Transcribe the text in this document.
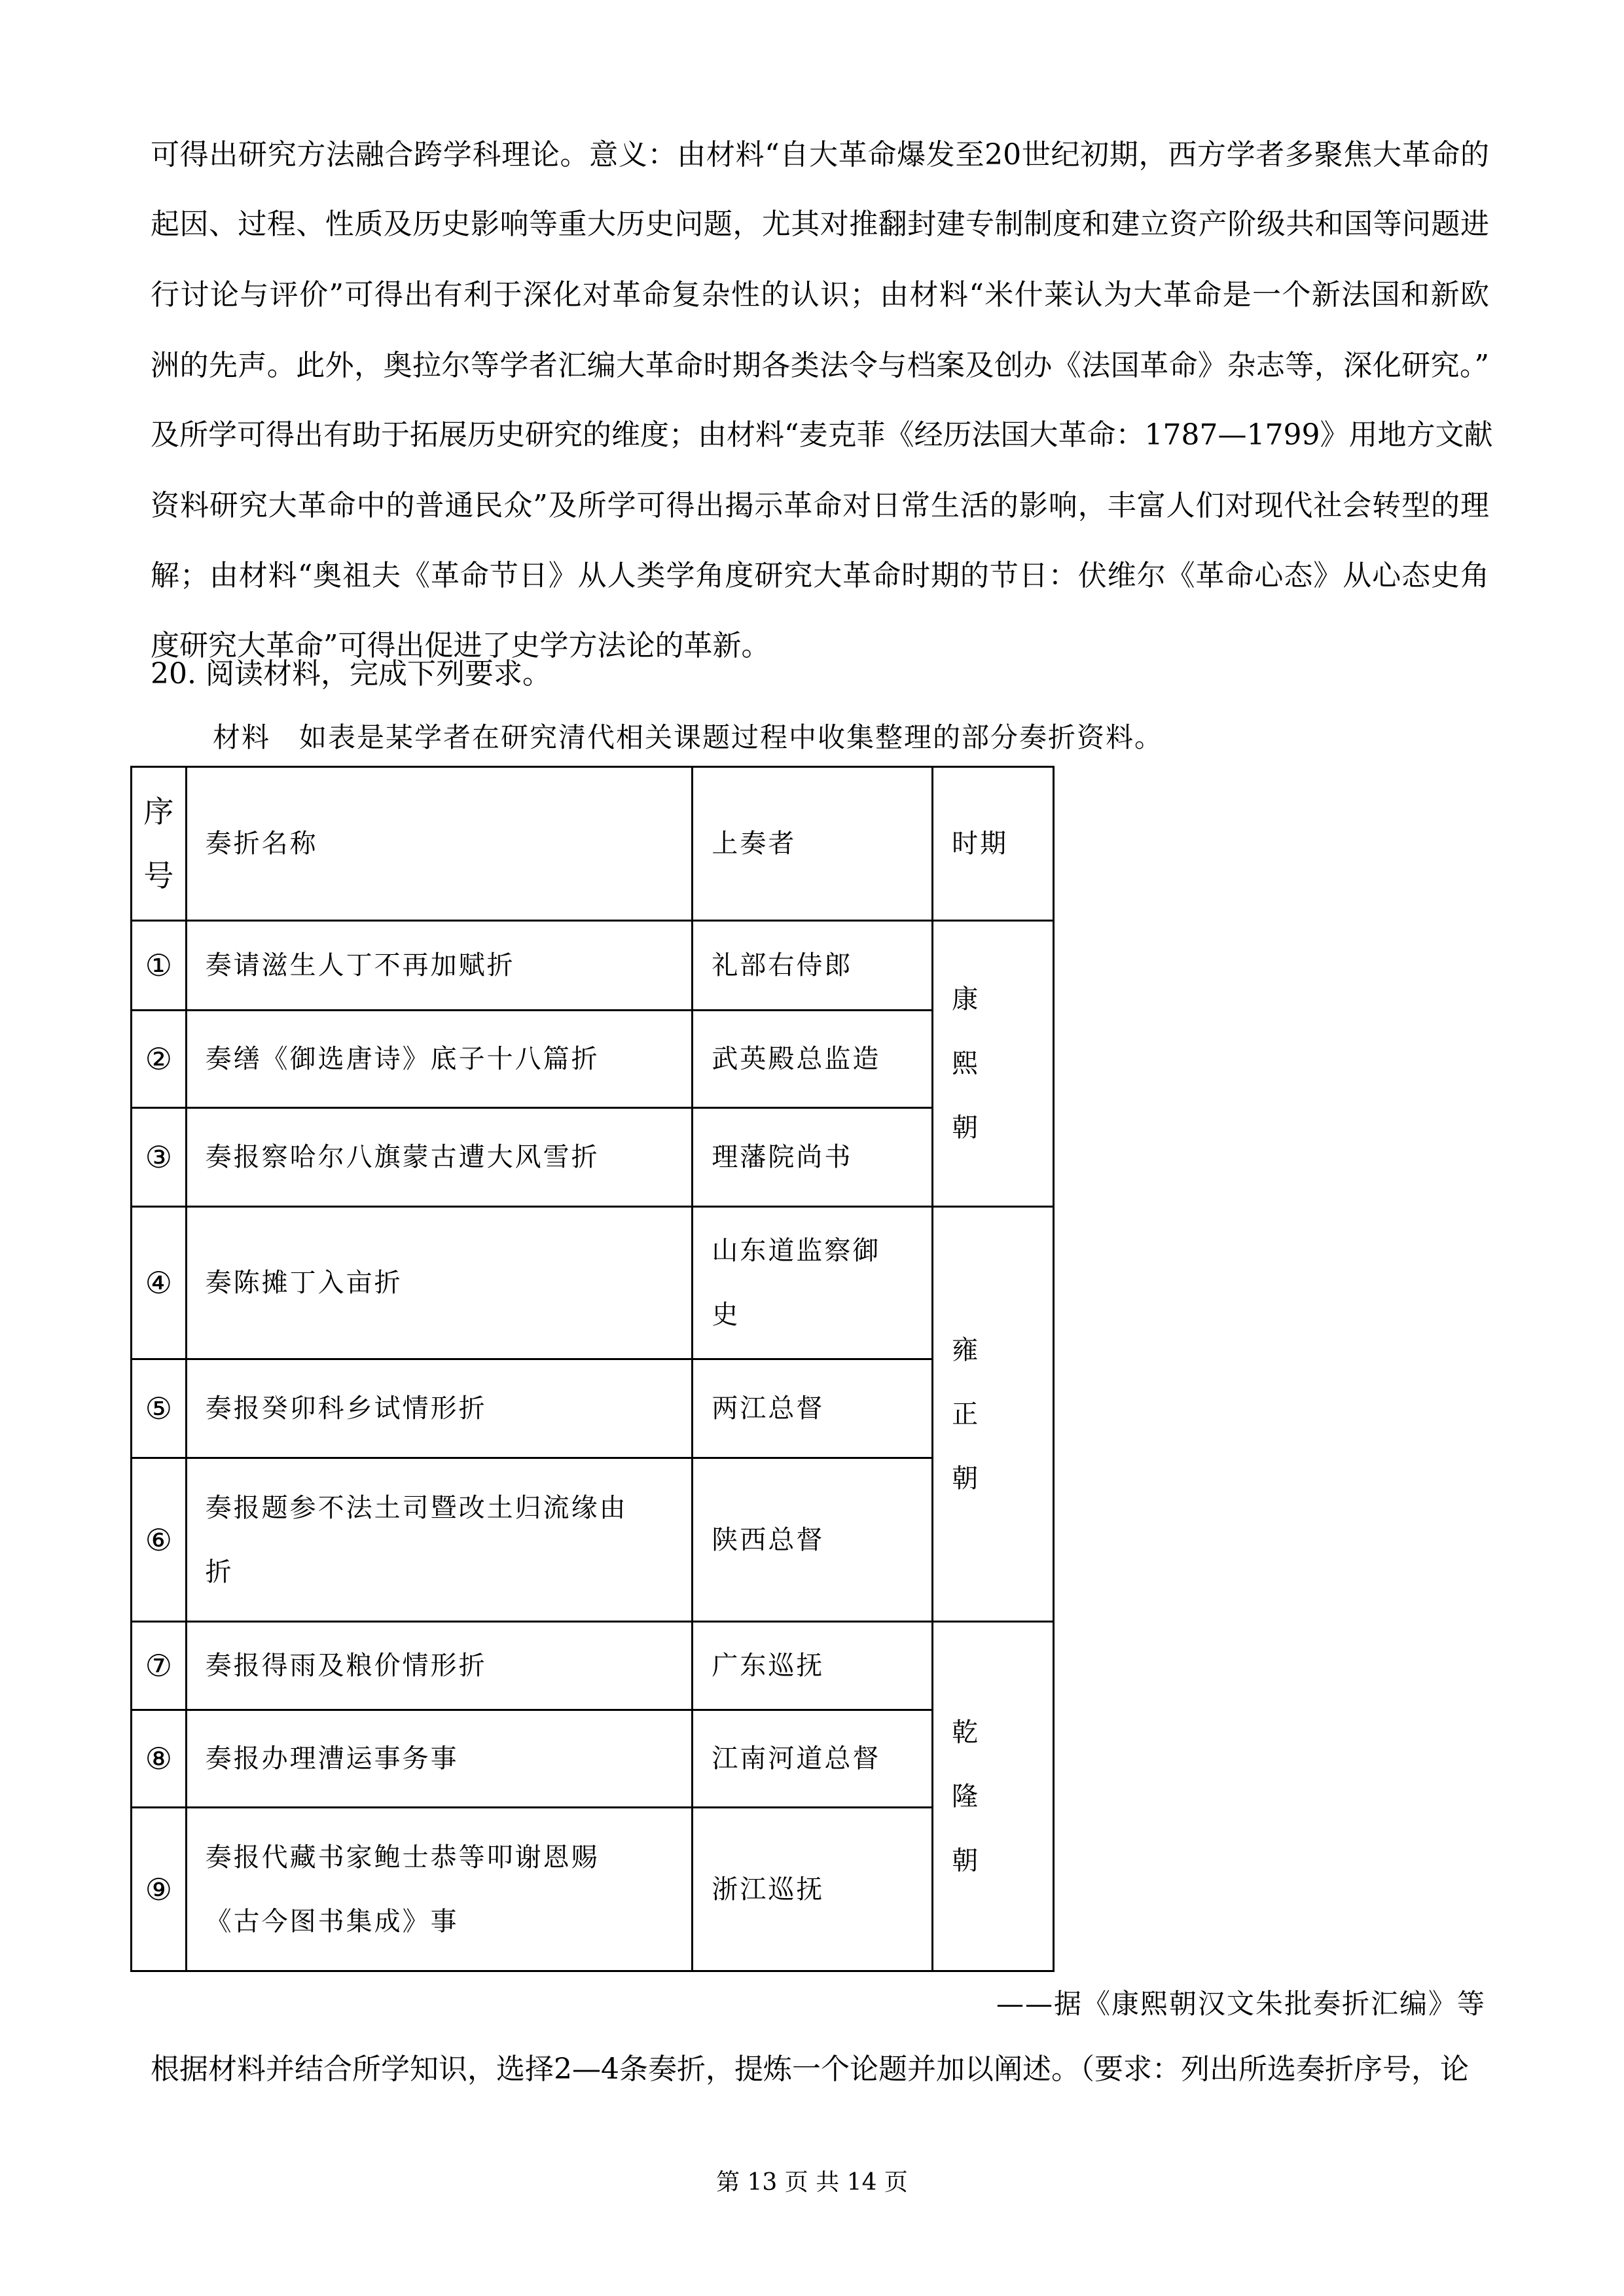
可得出研究方法融合跨学科理论。意义：由材料“自大革命爆发至20世纪初期，西方学者多聚焦大革命的
起因、过程、性质及历史影响等重大历史问题，尤其对推翻封建专制制度和建立资产阶级共和国等问题进
行讨论与评价”可得出有利于深化对革命复杂性的认识；由材料“米什莱认为大革命是一个新法国和新欧
洲的先声。此外，奥拉尔等学者汇编大革命时期各类法令与档案及创办《法国革命》杂志等，深化研究。”
及所学可得出有助于拓展历史研究的维度；由材料“麦克菲《经历法国大革命：1787—1799》用地方文献
资料研究大革命中的普通民众”及所学可得出揭示革命对日常生活的影响，丰富人们对现代社会转型的理
解；由材料“奥祖夫《革命节日》从人类学角度研究大革命时期的节日：伏维尔《革命心态》从心态史角
度研究大革命”可得出促进了史学方法论的革新。
20. 阅读材料，完成下列要求。
材料　如表是某学者在研究清代相关课题过程中收集整理的部分奏折资料。
序
号	奏折名称	上奏者	时期
①	奏请滋生人丁不再加赋折	礼部右侍郎	康熙朝

②	奏缮《御选唐诗》底子十八篇折	武英殿总监造	
③	奏报察哈尔八旗蒙古遭大风雪折	理藩院尚书	
④	奏陈摊丁入亩折	山东道监察御史	雍正朝

⑤	奏报癸卯科乡试情形折	两江总督	
⑥	奏报题参不法土司暨改土归流缘由折	陕西总督	
⑦	奏报得雨及粮价情形折	广东巡抚	乾隆朝

⑧	奏报办理漕运事务事	江南河道总督	
⑨	奏报代藏书家鲍士恭等叩谢恩赐《古今图书集成》事	浙江巡抚	
——据《康熙朝汉文朱批奏折汇编》等
根据材料并结合所学知识，选择2—4条奏折，提炼一个论题并加以阐述。（要求：列出所选奏折序号，论
第 13 页 共 14 页
